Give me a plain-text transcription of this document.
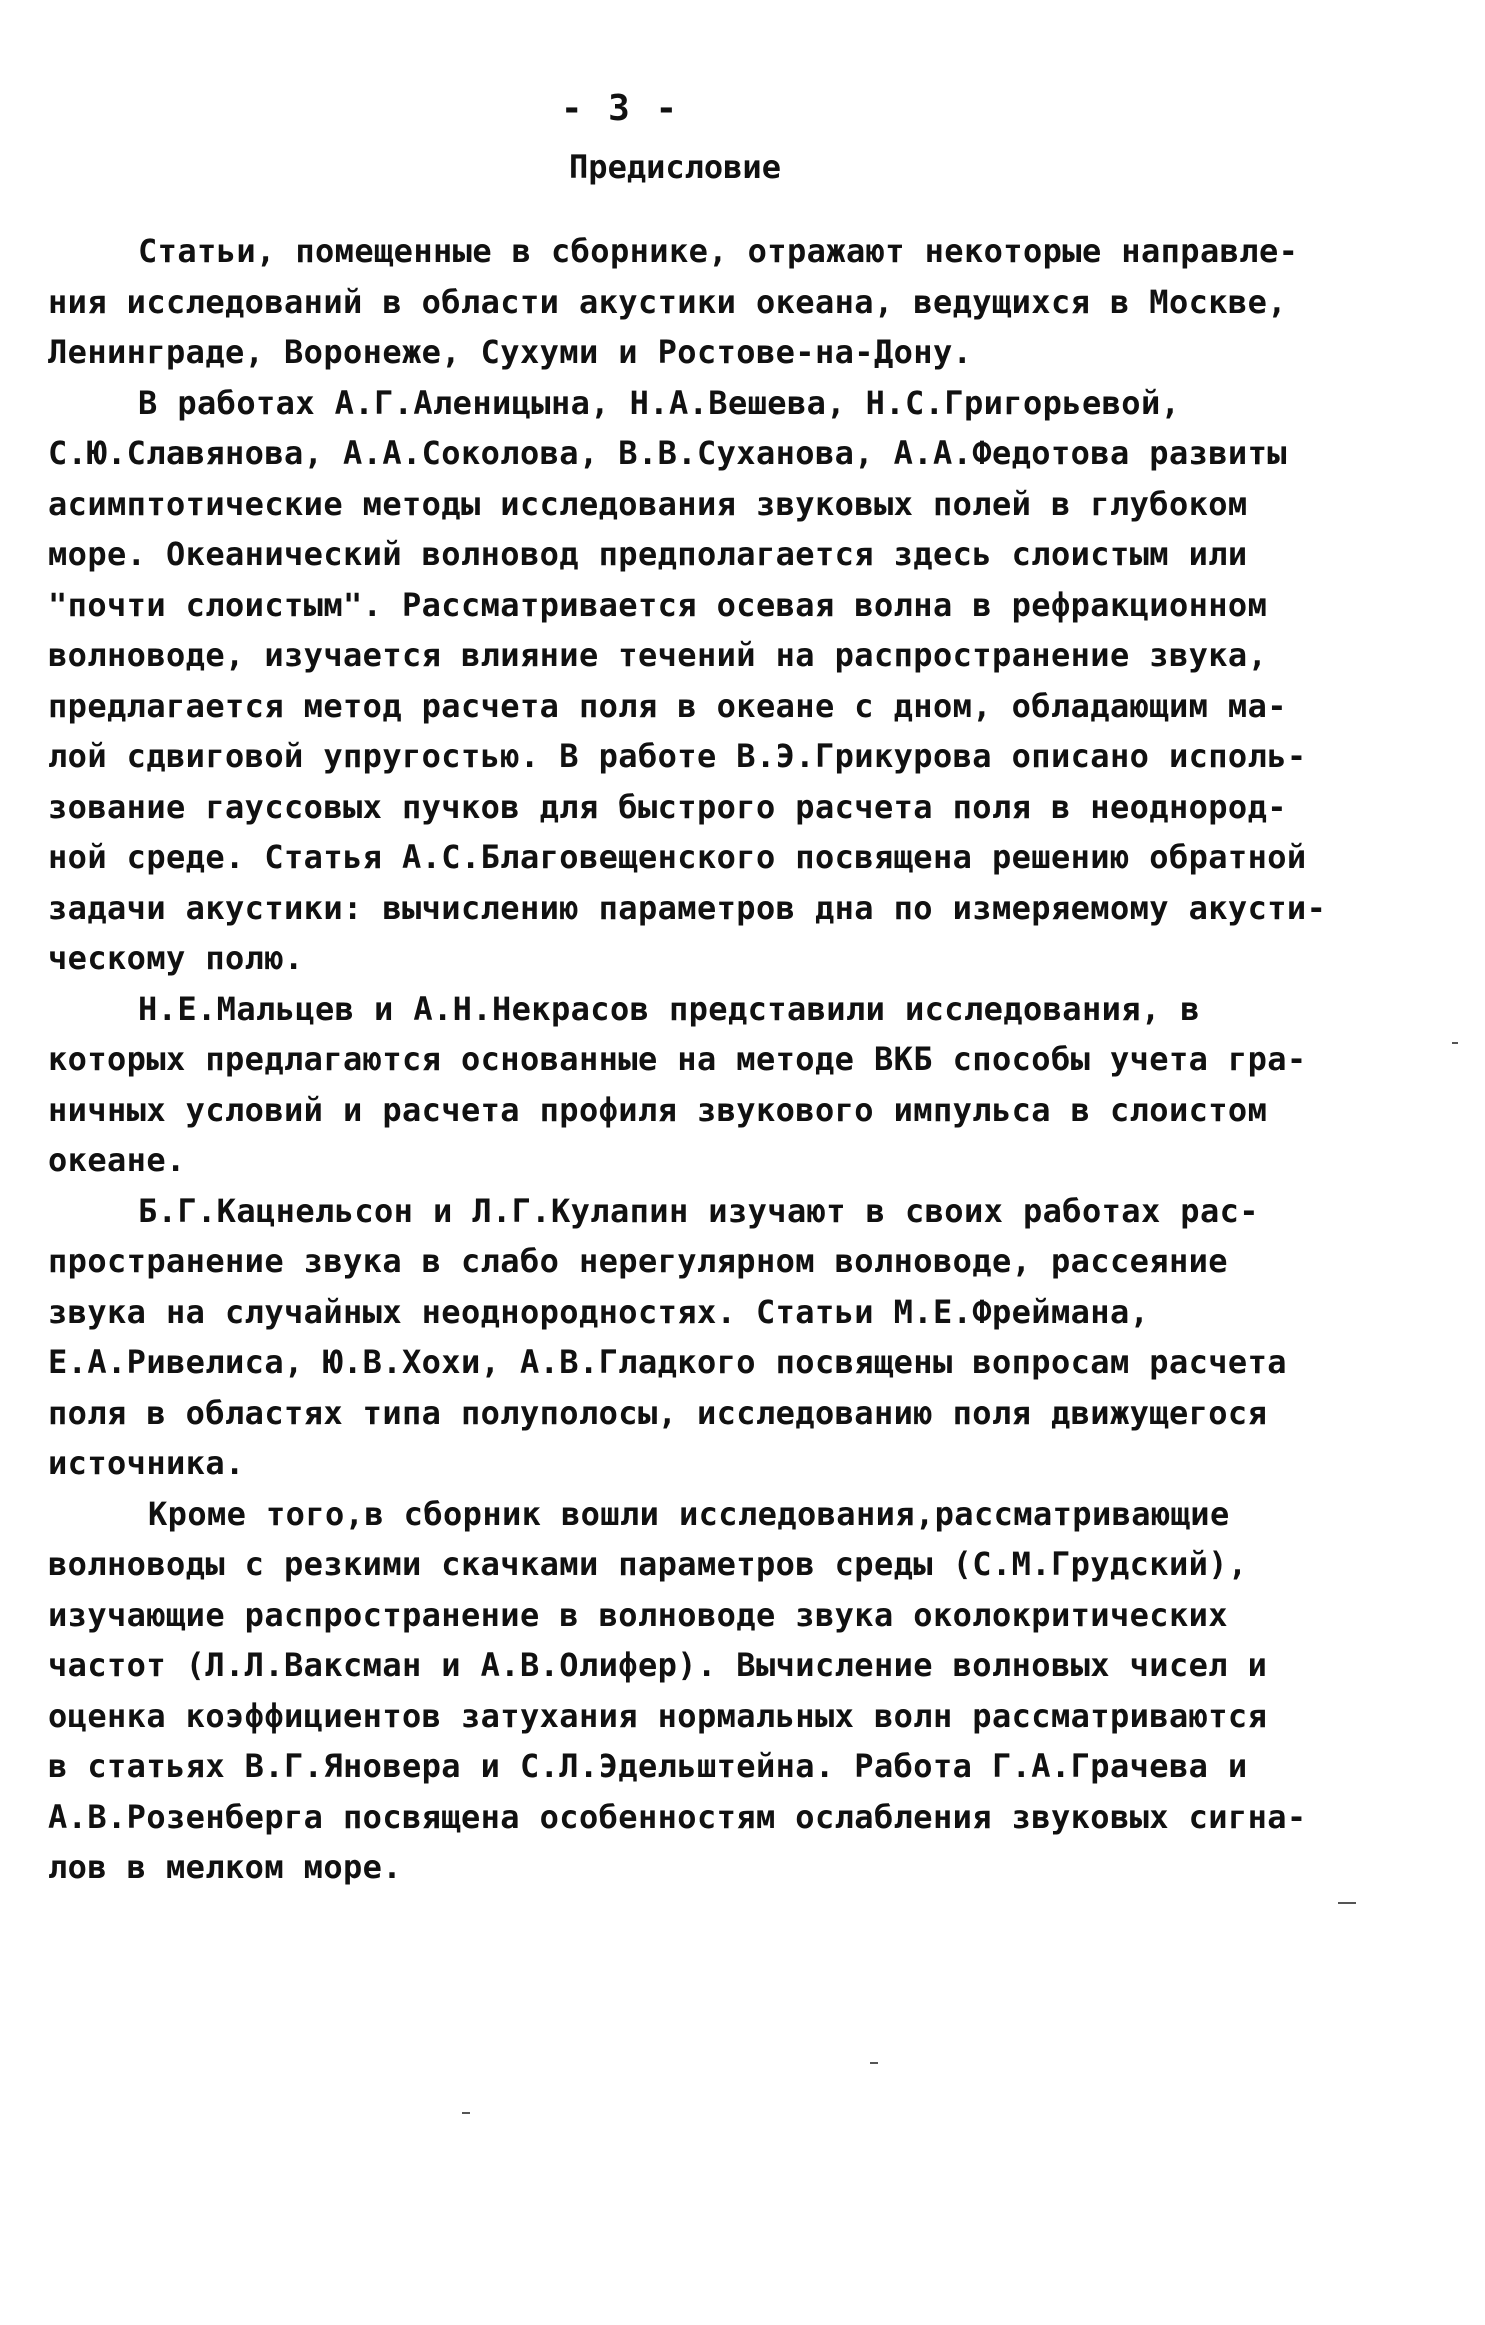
- 3 -
Предисловие
Статьи, помещенные в сборнике, отражают некоторые направле-
ния исследований в области акустики океана, ведущихся в Москве,
Ленинграде, Воронеже, Сухуми и Ростове-на-Дону.
В работах А.Г.Аленицына, Н.А.Вешева, Н.С.Григорьевой,
С.Ю.Славянова, А.А.Соколова, В.В.Суханова, А.А.Федотова развиты
асимптотические методы исследования звуковых полей в глубоком
море. Океанический волновод предполагается здесь слоистым или
"почти слоистым". Рассматривается осевая волна в рефракционном
волноводе, изучается влияние течений на распространение звука,
предлагается метод расчета поля в океане с дном, обладающим ма-
лой сдвиговой упругостью. В работе В.Э.Грикурова описано исполь-
зование гауссовых пучков для быстрого расчета поля в неоднород-
ной среде. Статья А.С.Благовещенского посвящена решению обратной
задачи акустики: вычислению параметров дна по измеряемому акусти-
ческому полю.
Н.Е.Мальцев и А.Н.Некрасов представили исследования, в
которых предлагаются основанные на методе ВКБ способы учета гра-
ничных условий и расчета профиля звукового импульса в слоистом
океане.
Б.Г.Кацнельсон и Л.Г.Кулапин изучают в своих работах рас-
пространение звука в слабо нерегулярном волноводе, рассеяние
звука на случайных неоднородностях. Статьи М.Е.Фреймана,
Е.А.Ривелиса, Ю.В.Хохи, А.В.Гладкого посвящены вопросам расчета
поля в областях типа полуполосы, исследованию поля движущегося
источника.
Кроме того,в сборник вошли исследования,рассматривающие
волноводы с резкими скачками параметров среды (С.М.Грудский),
изучающие распространение в волноводе звука околокритических
частот (Л.Л.Ваксман и А.В.Олифер). Вычисление волновых чисел и
оценка коэффициентов затухания нормальных волн рассматриваются
в статьях В.Г.Яновера и С.Л.Эдельштейна. Работа Г.А.Грачева и
А.В.Розенберга посвящена особенностям ослабления звуковых сигна-
лов в мелком море.
